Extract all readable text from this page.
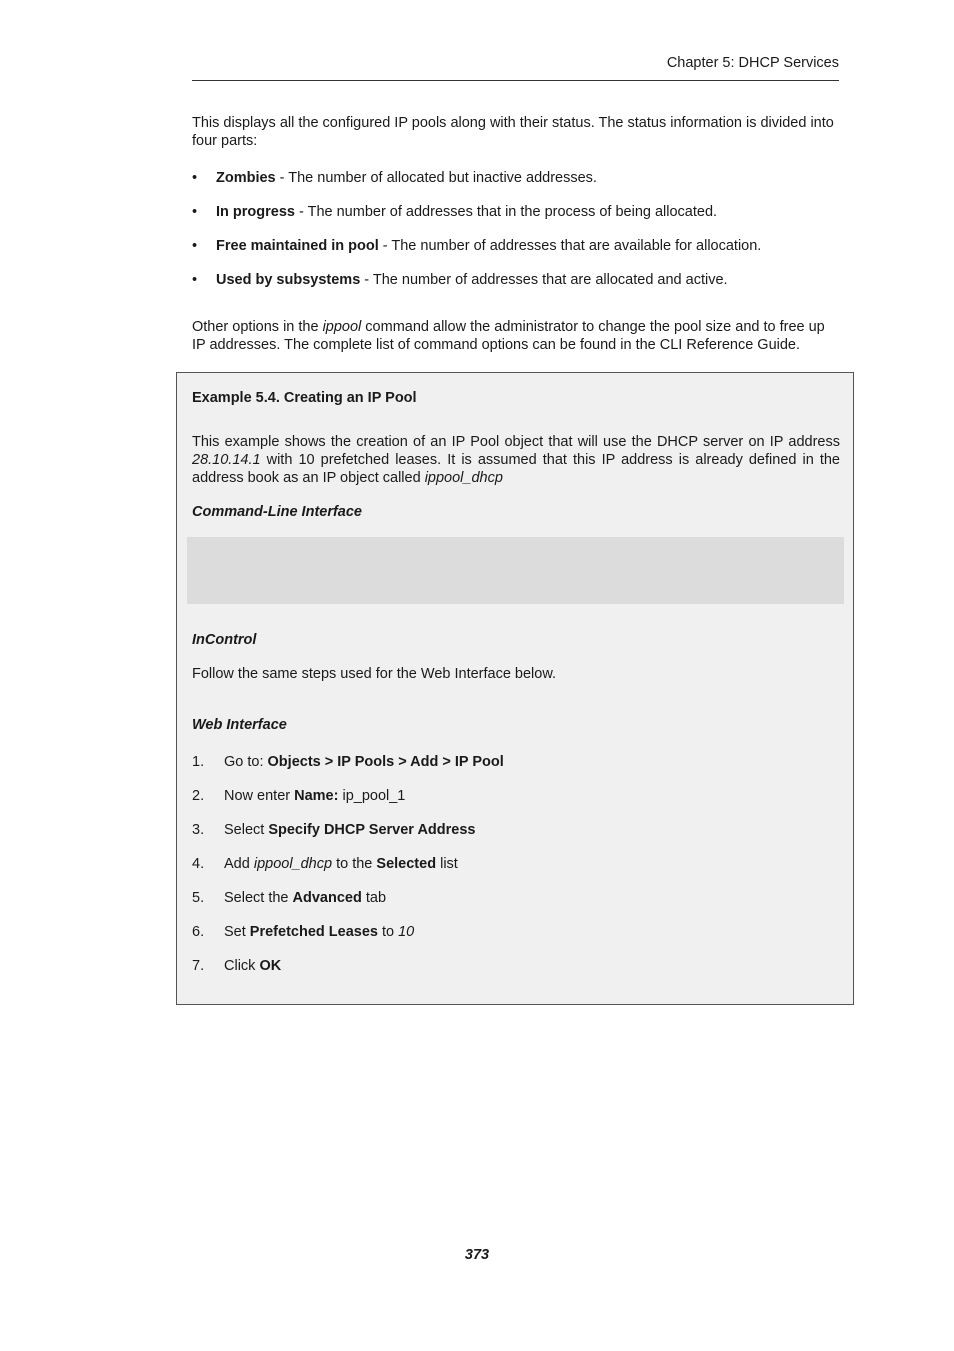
Chapter 5: DHCP Services

This displays all the configured IP pools along with their status. The status information is divided into four parts:

•	Zombies - The number of allocated but inactive addresses.
•	In progress - The number of addresses that in the process of being allocated.
•	Free maintained in pool - The number of addresses that are available for allocation.
•	Used by subsystems - The number of addresses that are allocated and active.

Other options in the ippool command allow the administrator to change the pool size and to free up IP addresses. The complete list of command options can be found in the CLI Reference Guide.

Example 5.4. Creating an IP Pool
This example shows the creation of an IP Pool object that will use the DHCP server on IP address 28.10.14.1 with 10 prefetched leases. It is assumed that this IP address is already defined in the address book as an IP object called ippool_dhcp
Command-Line Interface
InControl
Follow the same steps used for the Web Interface below.
Web Interface
1. Go to: Objects > IP Pools > Add > IP Pool
2. Now enter Name: ip_pool_1
3. Select Specify DHCP Server Address
4. Add ippool_dhcp to the Selected list
5. Select the Advanced tab
6. Set Prefetched Leases to 10
7. Click OK
373
